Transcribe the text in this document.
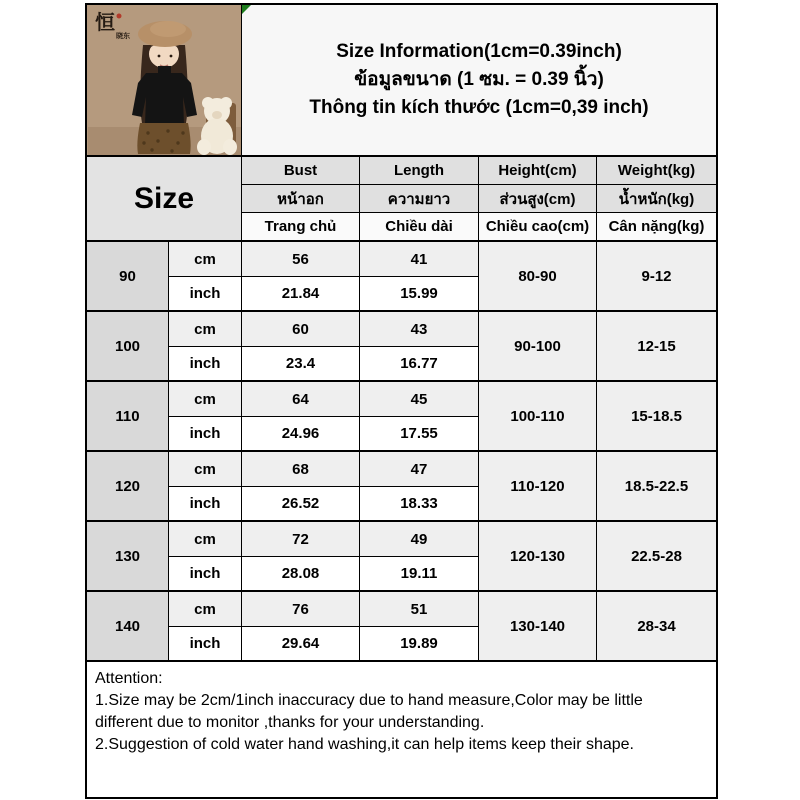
恒
晓东
Size Information(1cm=0.39inch)
ข้อมูลขนาด (1 ซม. = 0.39 นิ้ว)
Thông tin kích thước (1cm=0,39 inch)
Size
Bust	Length	Height(cm)	Weight(kg)
หน้าอก	ความยาว	ส่วนสูง(cm)	น้ำหนัก(kg)
Trang chủ	Chiều dài	Chiều cao(cm)	Cân nặng(kg)
90
cm	56	41
inch	21.84	15.99
80-90	9-12
100
cm	60	43
inch	23.4	16.77
90-100	12-15
110
cm	64	45
inch	24.96	17.55
100-110	15-18.5
120
cm	68	47
inch	26.52	18.33
110-120	18.5-22.5
130
cm	72	49
inch	28.08	19.11
120-130	22.5-28
140
cm	76	51
inch	29.64	19.89
130-140	28-34
Attention:
1.Size may be 2cm/1inch inaccuracy due to hand measure,Color may be little different due to monitor ,thanks for your understanding.
2.Suggestion of cold water hand washing,it can help items keep their shape.
